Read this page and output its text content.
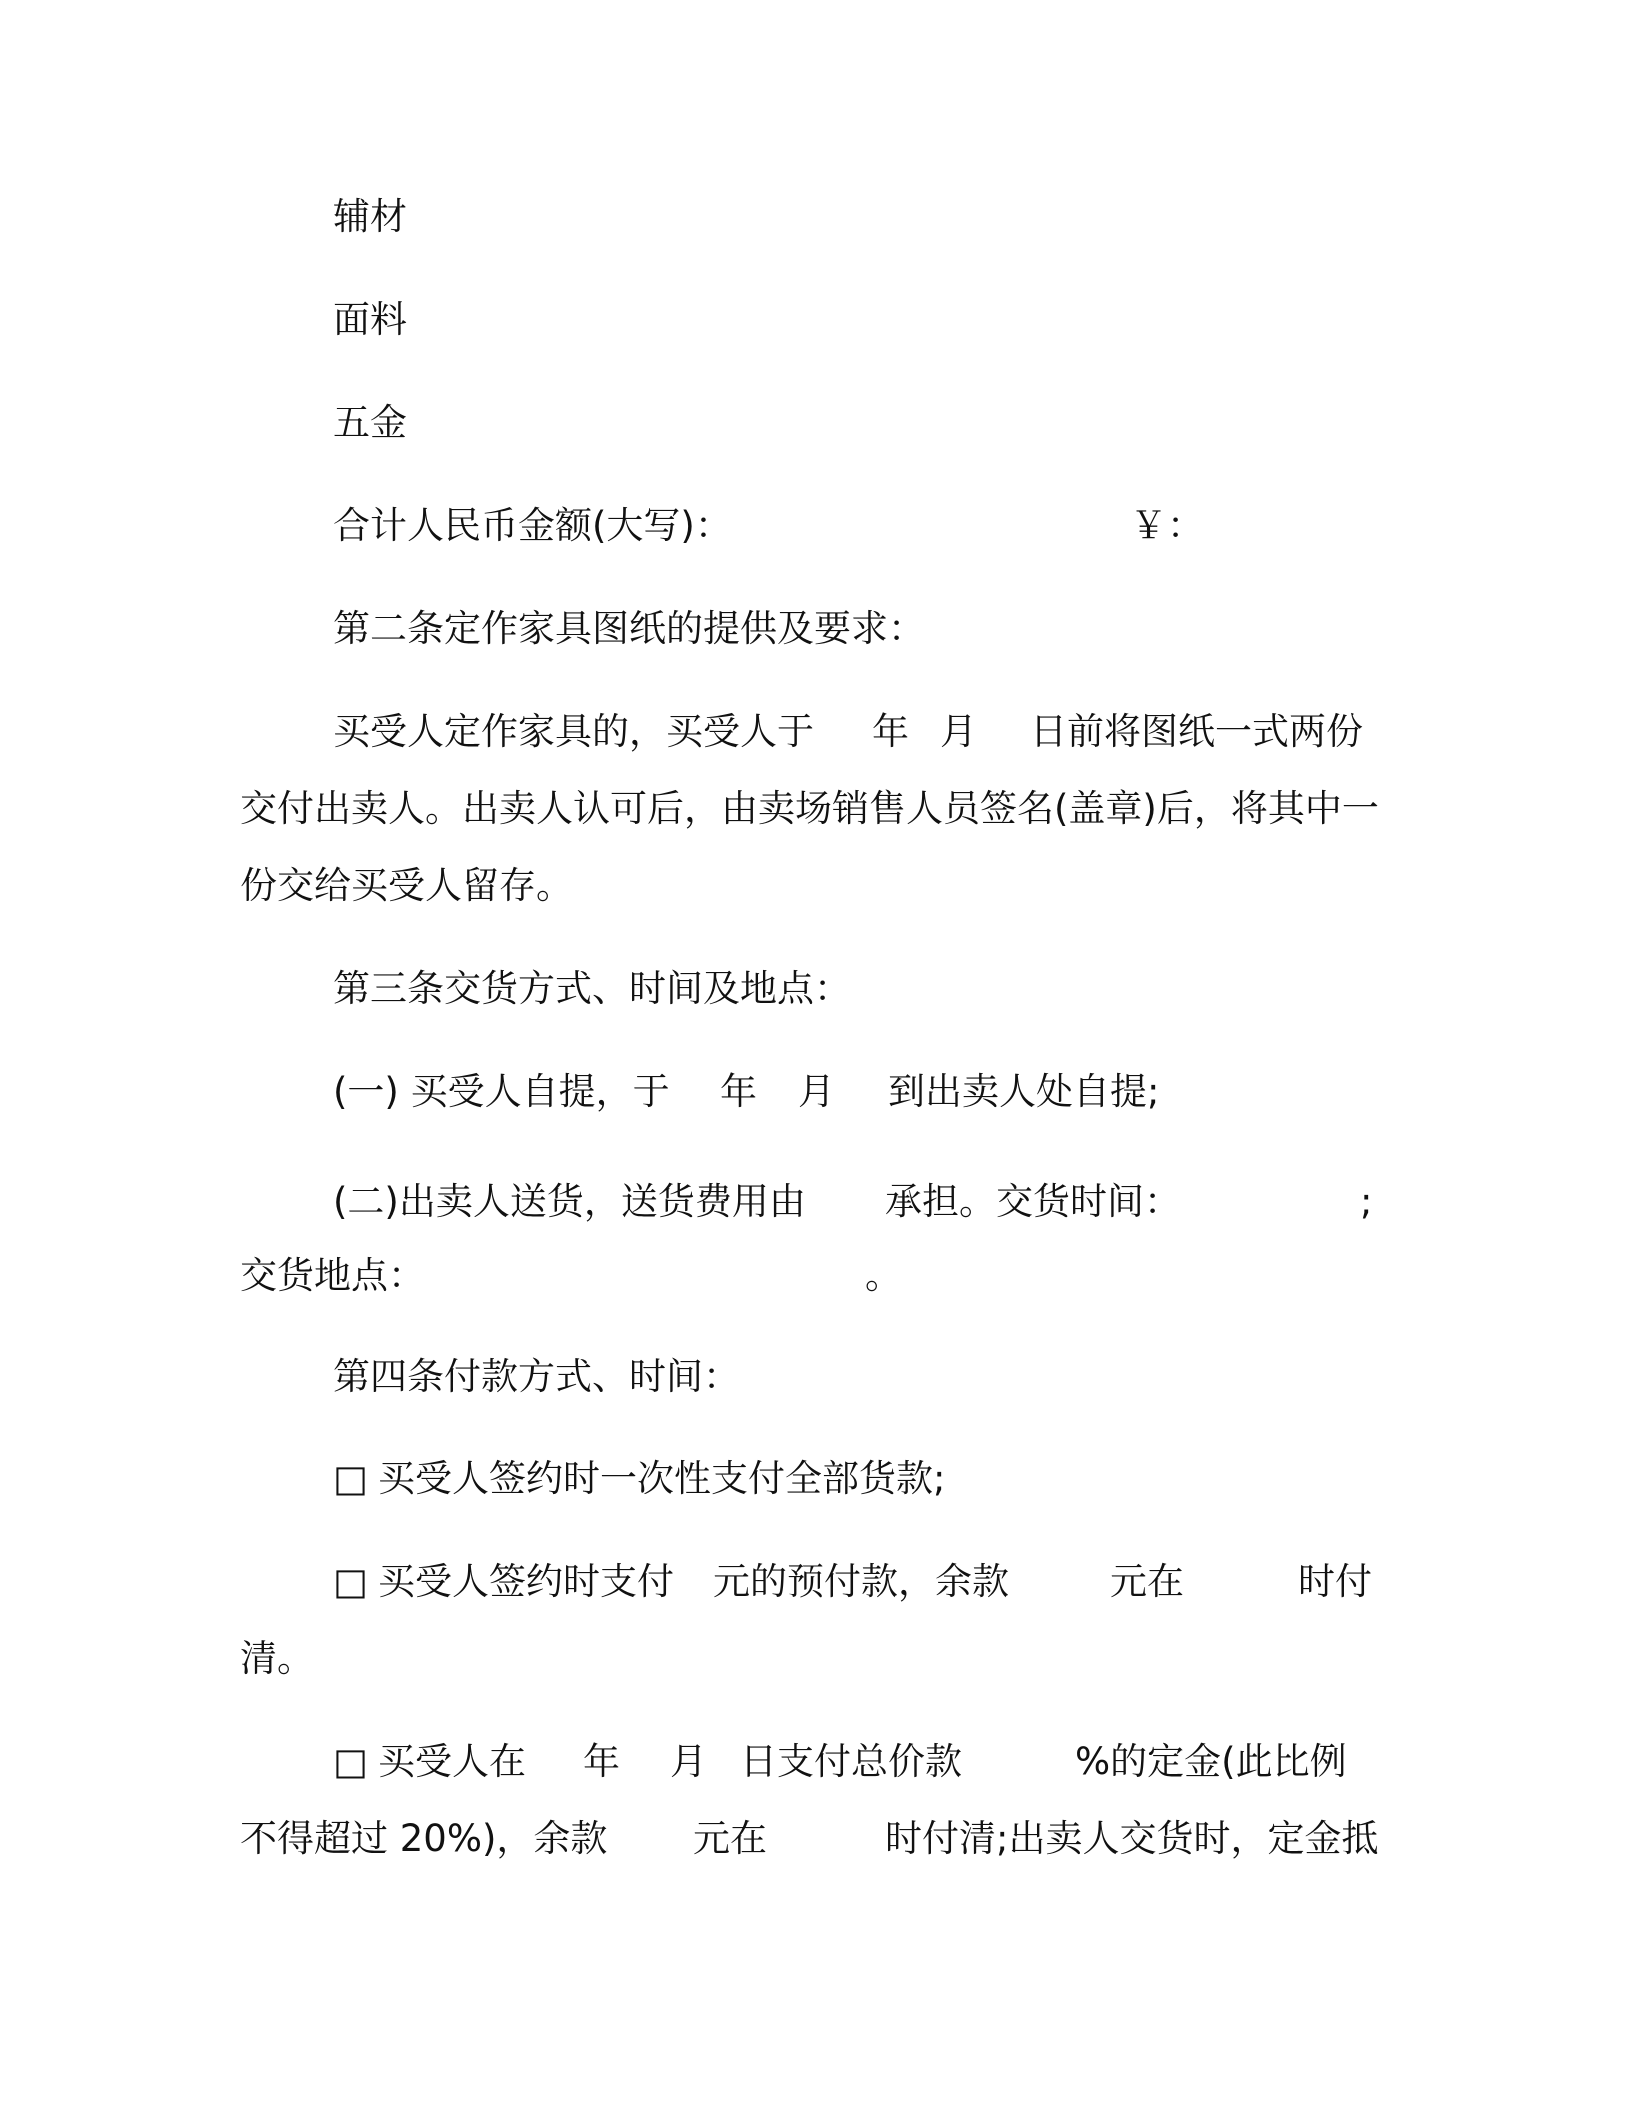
辅材
面料
五金

合计人民币金额(大写)：

	￥：

第二条定作家具图纸的提供及要求：

买受人定作家具的，买受人于

年

月

日前将图纸一式两份

交付出卖人。出卖人认可后，由卖场销售人员签名(盖章)后，将其中一
份交给买受人留存。
第三条交货方式、时间及地点：

(一) 买受人自提，于

年

月

到出卖人处自提;

(二)出卖人送货，送货费用由

承担。交货时间：

	;

交货地点：

	。

第四条付款方式、时间：

□

买受人签约时一次性支付全部货款;

□

买受人签约时支付

元的预付款，余款

	元在

	时付

清。

□

买受人在

年

月

日支付总价款

	%的定金(此比例

不得超过 20%)，余款

元在

	时付清;出卖人交货时，定金抵
